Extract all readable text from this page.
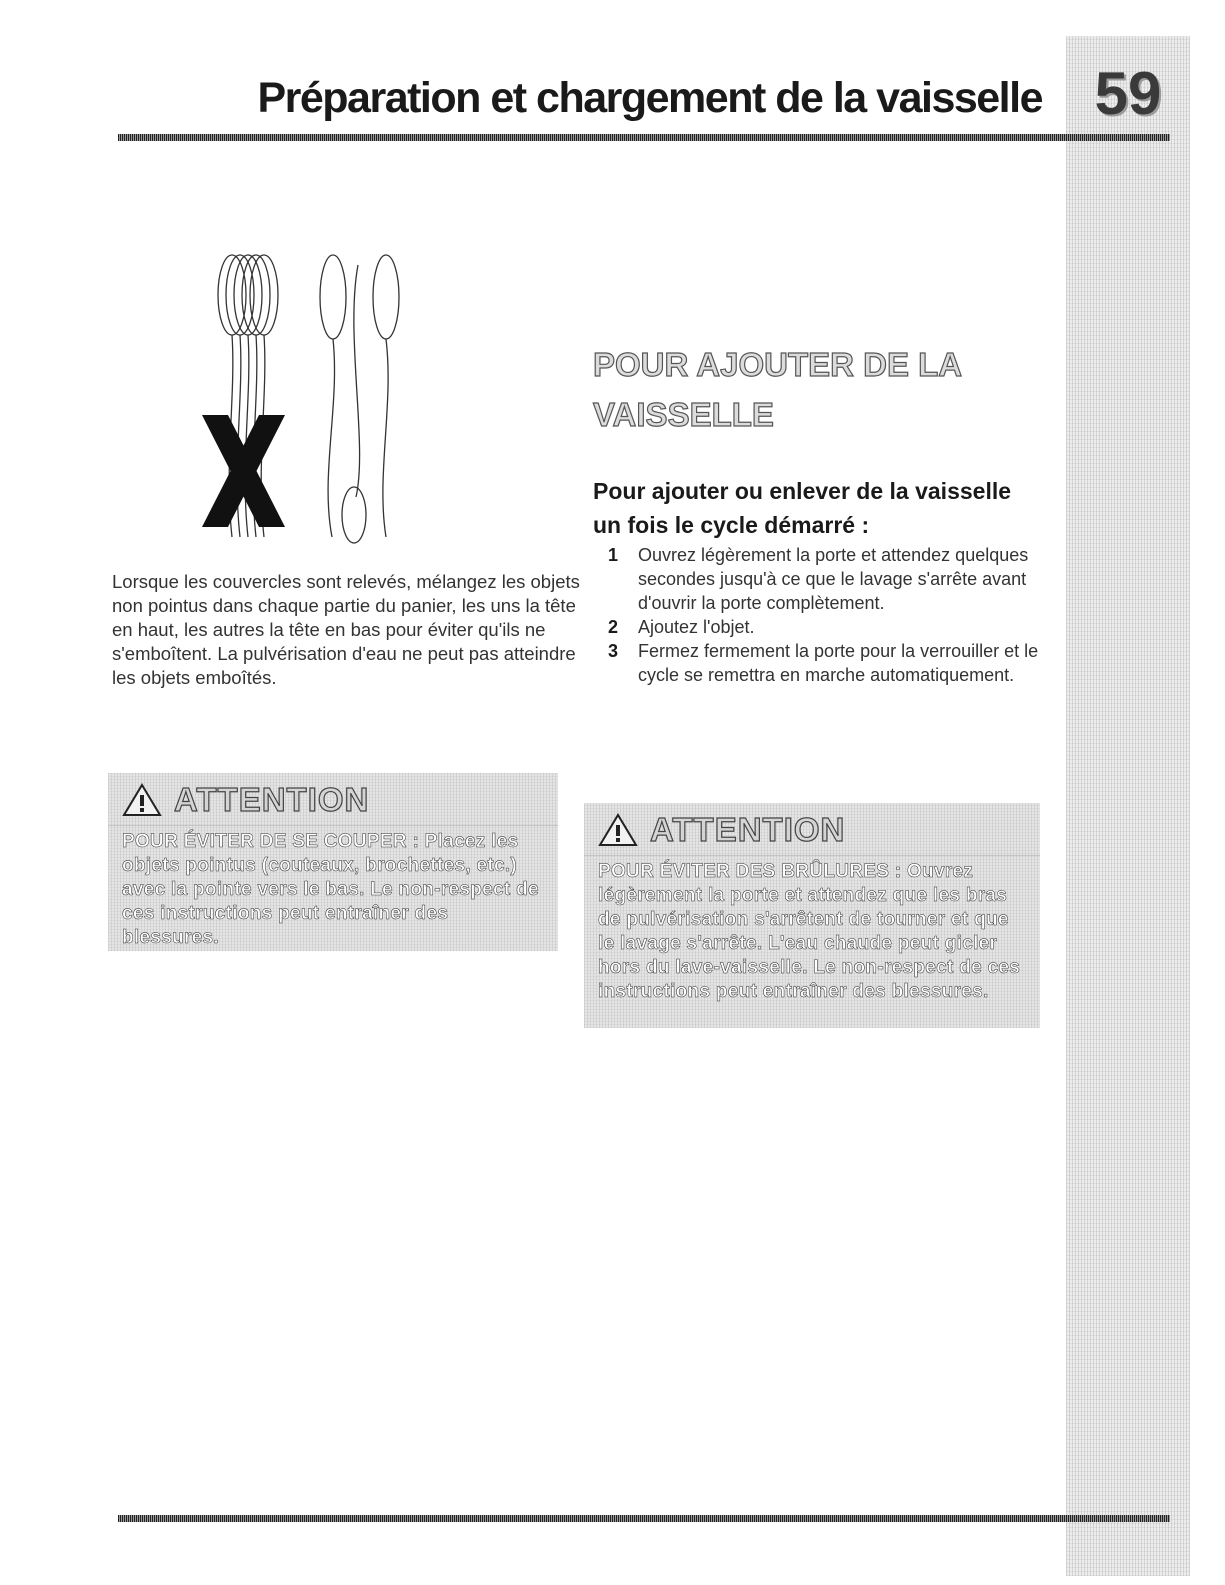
59
Préparation et chargement de la vaisselle
Lorsque les couvercles sont relevés, mélangez les objets non pointus dans chaque partie du panier, les uns la tête en haut, les autres la tête en bas pour éviter qu'ils ne s'emboîtent. La pulvérisation d'eau ne peut pas atteindre les objets emboîtés.
ATTENTION
POUR ÉVITER DE SE COUPER : Placez les objets pointus (couteaux, brochettes, etc.) avec la pointe vers le bas. Le non-respect de ces instructions peut entraîner des blessures.
POUR AJOUTER DE LA VAISSELLE
Pour ajouter ou enlever de la vaisselle un fois le cycle démarré :
1	Ouvrez légèrement la porte et attendez quelques secondes jusqu'à ce que le lavage s'arrête avant d'ouvrir la porte complètement.
2	Ajoutez l'objet.
3	Fermez fermement la porte pour la verrouiller et le cycle se remettra en marche automatiquement.
ATTENTION
POUR ÉVITER DES BRÛLURES : Ouvrez légèrement la porte et attendez que les bras de pulvérisation s'arrêtent de tourner et que le lavage s'arrête. L'eau chaude peut gicler hors du lave-vaisselle. Le non-respect de ces instructions peut entraîner des blessures.
